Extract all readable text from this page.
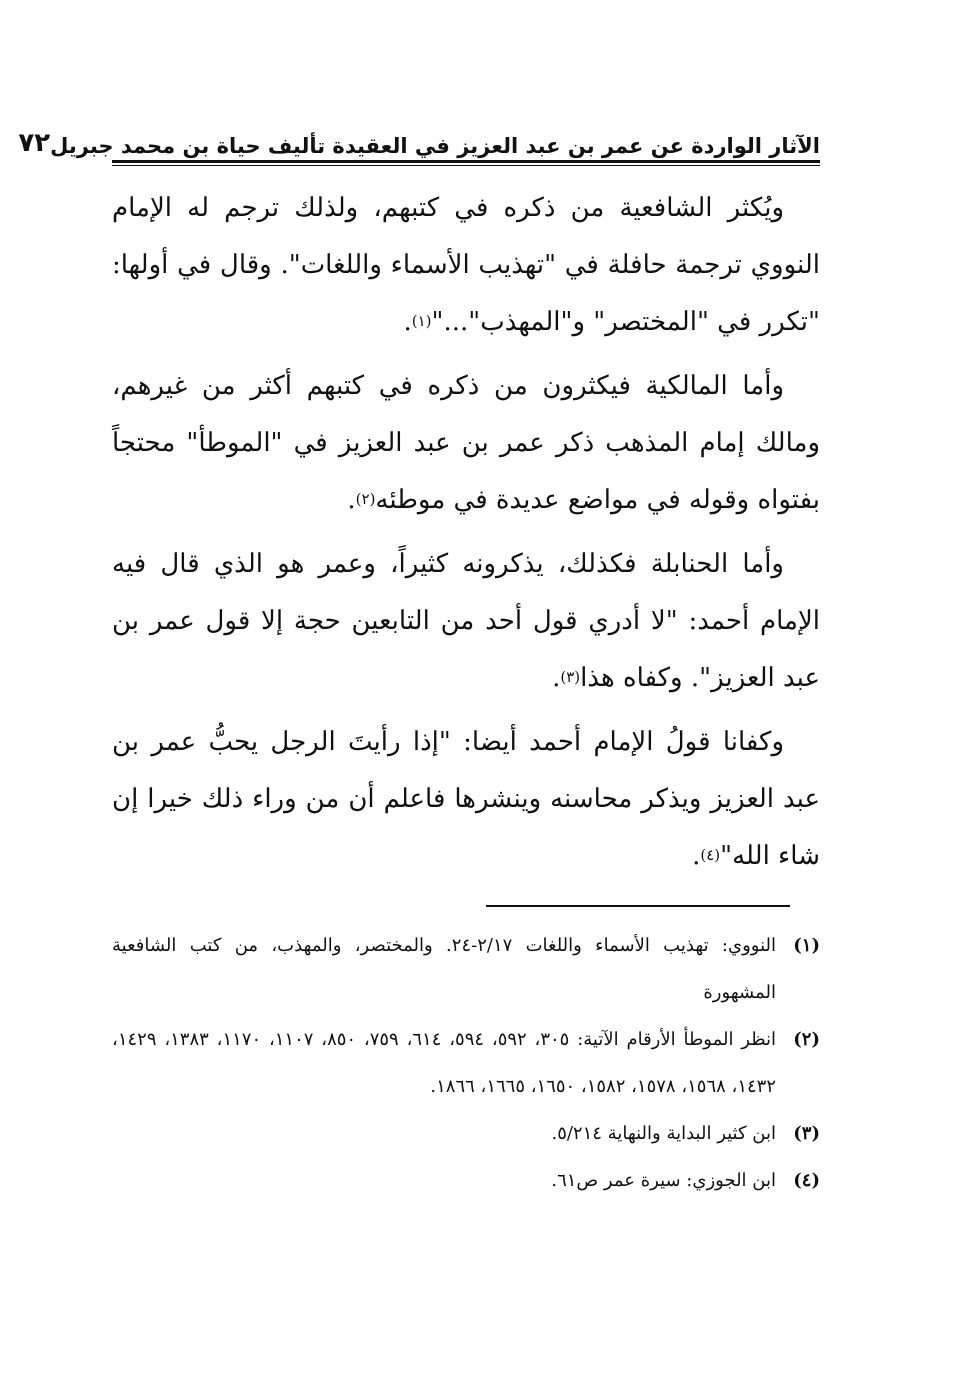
الآثار الواردة عن عمر بن عبد العزيز في العقيدة تأليف حياة بن محمد جبريل
٧٢

ويُكثر الشافعية من ذكره في كتبهم، ولذلك ترجم له الإمام النووي ترجمة حافلة في "تهذيب الأسماء واللغات". وقال في أولها: "تكرر في "المختصر" و"المهذب"..."$^{(١)}$.

وأما المالكية فيكثرون من ذكره في كتبهم أكثر من غيرهم، ومالك إمام المذهب ذكر عمر بن عبد العزيز في "الموطأ" محتجاً بفتواه وقوله في مواضع عديدة في موطئه$^{(٢)}$.

وأما الحنابلة فكذلك، يذكرونه كثيراً، وعمر هو الذي قال فيه الإمام أحمد: "لا أدري قول أحد من التابعين حجة إلا قول عمر بن عبد العزيز". وكفاه هذا$^{(٣)}$.

وكفانا قولُ الإمام أحمد أيضا: "إذا رأيتَ الرجل يحبُّ عمر بن عبد العزيز ويذكر محاسنه وينشرها فاعلم أن من وراء ذلك خيرا إن شاء الله"$^{(٤)}$.

(١)
النووي: تهذيب الأسماء واللغات ٢/١٧-٢٤. والمختصر، والمهذب، من كتب الشافعية المشهورة
(٢)
انظر الموطأ الأرقام الآتية: ٣٠٥، ٥٩٢، ٥٩٤، ٦١٤، ٧٥٩، ٨٥٠، ١١٠٧، ١١٧٠، ١٣٨٣، ١٤٢٩، ١٤٣٢، ١٥٦٨، ١٥٧٨، ١٥٨٢، ١٦٥٠، ١٦٦٥، ١٨٦٦.
(٣)
ابن كثير البداية والنهاية ٥/٢١٤.
(٤)
ابن الجوزي: سيرة عمر ص٦١.
